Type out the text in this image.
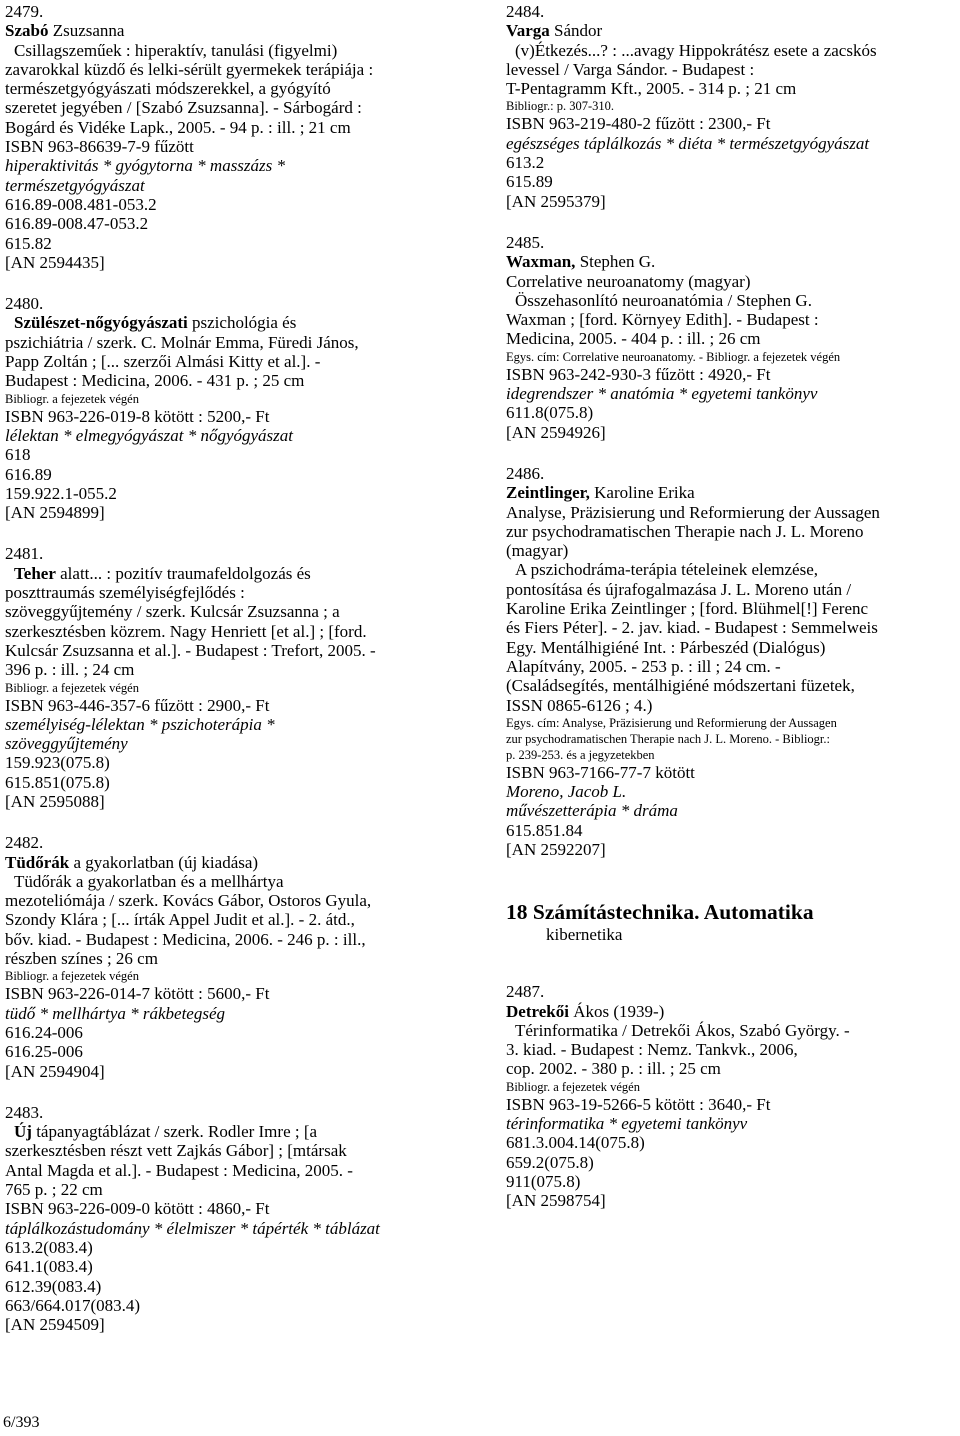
2479.
Szabó Zsuzsanna
Csillagszeműek : hiperaktív, tanulási (figyelmi)
zavarokkal küzdő és lelki-sérült gyermekek terápiája :
természetgyógyászati módszerekkel, a gyógyító
szeretet jegyében / [Szabó Zsuzsanna]. - Sárbogárd :
Bogárd és Vidéke Lapk., 2005. - 94 p. : ill. ; 21 cm
ISBN 963-86639-7-9 fűzött
hiperaktivitás * gyógytorna * masszázs *
természetgyógyászat
616.89-008.481-053.2
616.89-008.47-053.2
615.82
[AN 2594435]
2480.
Szülészet-nőgyógyászati pszichológia és
pszichiátria / szerk. C. Molnár Emma, Füredi János,
Papp Zoltán ; [... szerzői Almási Kitty et al.]. -
Budapest : Medicina, 2006. - 431 p. ; 25 cm
Bibliogr. a fejezetek végén
ISBN 963-226-019-8 kötött : 5200,- Ft
lélektan * elmegyógyászat * nőgyógyászat
618
616.89
159.922.1-055.2
[AN 2594899]
2481.
Teher alatt... : pozitív traumafeldolgozás és
poszttraumás személyiségfejlődés :
szöveggyűjtemény / szerk. Kulcsár Zsuzsanna ; a
szerkesztésben közrem. Nagy Henriett [et al.] ; [ford.
Kulcsár Zsuzsanna et al.]. - Budapest : Trefort, 2005. -
396 p. : ill. ; 24 cm
Bibliogr. a fejezetek végén
ISBN 963-446-357-6 fűzött : 2900,- Ft
személyiség-lélektan * pszichoterápia *
szöveggyűjtemény
159.923(075.8)
615.851(075.8)
[AN 2595088]
2482.
Tüdőrák a gyakorlatban (új kiadása)
Tüdőrák a gyakorlatban és a mellhártya
mezoteliómája / szerk. Kovács Gábor, Ostoros Gyula,
Szondy Klára ; [... írták Appel Judit et al.]. - 2. átd.,
bőv. kiad. - Budapest : Medicina, 2006. - 246 p. : ill.,
részben színes ; 26 cm
Bibliogr. a fejezetek végén
ISBN 963-226-014-7 kötött : 5600,- Ft
tüdő * mellhártya * rákbetegség
616.24-006
616.25-006
[AN 2594904]
2483.
Új tápanyagtáblázat / szerk. Rodler Imre ; [a
szerkesztésben részt vett Zajkás Gábor] ; [mtársak
Antal Magda et al.]. - Budapest : Medicina, 2005. -
765 p. ; 22 cm
ISBN 963-226-009-0 kötött : 4860,- Ft
táplálkozástudomány * élelmiszer * tápérték * táblázat
613.2(083.4)
641.1(083.4)
612.39(083.4)
663/664.017(083.4)
[AN 2594509]
2484.
Varga Sándor
(v)Étkezés...? : ...avagy Hippokrátész esete a zacskós
levessel / Varga Sándor. - Budapest :
T-Pentagramm Kft., 2005. - 314 p. ; 21 cm
Bibliogr.: p. 307-310.
ISBN 963-219-480-2 fűzött : 2300,- Ft
egészséges táplálkozás * diéta * természetgyógyászat
613.2
615.89
[AN 2595379]
2485.
Waxman, Stephen G.
Correlative neuroanatomy (magyar)
Összehasonlító neuroanatómia / Stephen G.
Waxman ; [ford. Környey Edith]. - Budapest :
Medicina, 2005. - 404 p. : ill. ; 26 cm
Egys. cím: Correlative neuroanatomy. - Bibliogr. a fejezetek végén
ISBN 963-242-930-3 fűzött : 4920,- Ft
idegrendszer * anatómia * egyetemi tankönyv
611.8(075.8)
[AN 2594926]
2486.
Zeintlinger, Karoline Erika
Analyse, Präzisierung und Reformierung der Aussagen
zur psychodramatischen Therapie nach J. L. Moreno
(magyar)
A pszichodráma-terápia tételeinek elemzése,
pontosítása és újrafogalmazása J. L. Moreno után /
Karoline Erika Zeintlinger ; [ford. Blühmel[!] Ferenc
és Fiers Péter]. - 2. jav. kiad. - Budapest : Semmelweis
Egy. Mentálhigiéné Int. : Párbeszéd (Dialógus)
Alapítvány, 2005. - 253 p. : ill ; 24 cm. -
(Családsegítés, mentálhigiéné módszertani füzetek,
ISSN 0865-6126 ; 4.)
Egys. cím: Analyse, Präzisierung und Reformierung der Aussagen
zur psychodramatischen Therapie nach J. L. Moreno. - Bibliogr.:
p. 239-253. és a jegyzetekben
ISBN 963-7166-77-7 kötött
Moreno, Jacob L.
művészetterápia * dráma
615.851.84
[AN 2592207]
18 Számítástechnika. Automatika
kibernetika
2487.
Detrekői Ákos (1939-)
Térinformatika / Detrekői Ákos, Szabó György. -
3. kiad. - Budapest : Nemz. Tankvk., 2006,
cop. 2002. - 380 p. : ill. ; 25 cm
Bibliogr. a fejezetek végén
ISBN 963-19-5266-5 kötött : 3640,- Ft
térinformatika * egyetemi tankönyv
681.3.004.14(075.8)
659.2(075.8)
911(075.8)
[AN 2598754]
6/393
